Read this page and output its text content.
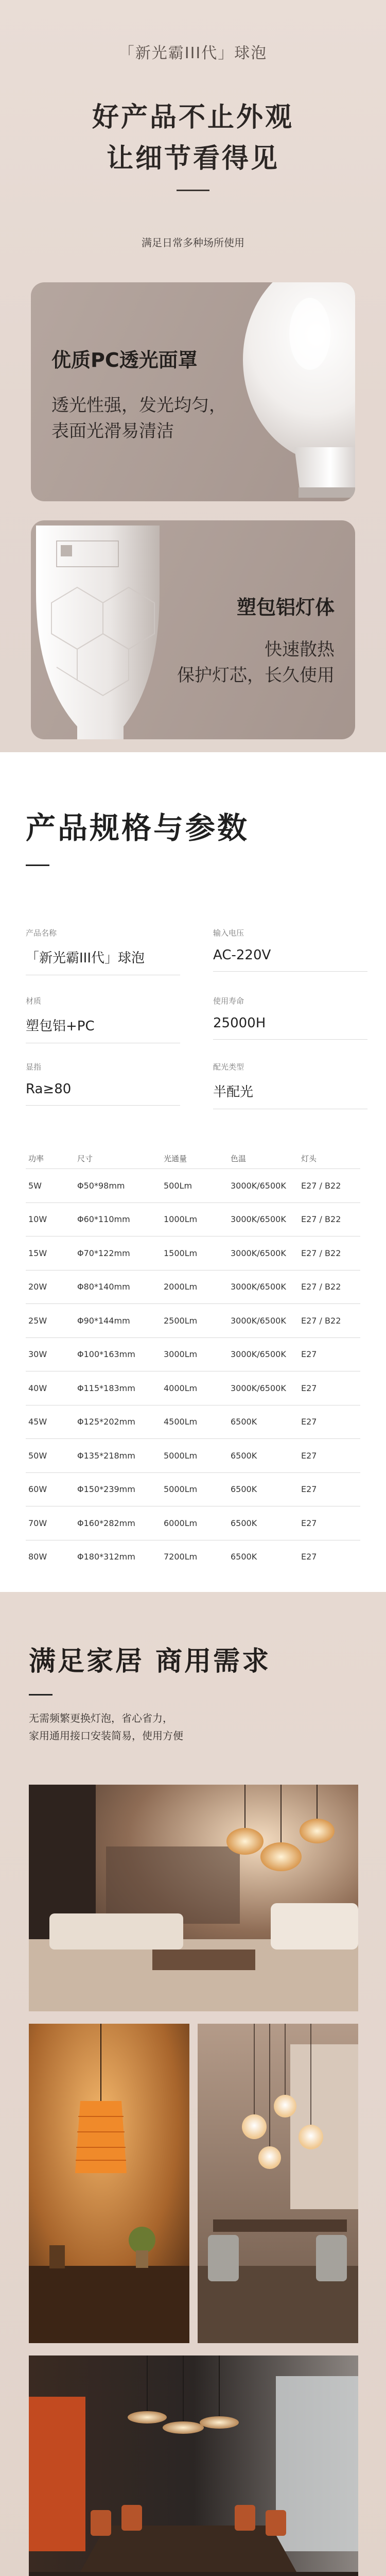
「新光霸III代」球泡
好产品不止外观
让细节看得见
满足日常多种场所使用
优质PC透光面罩
透光性强，发光均匀，
表面光滑易清洁
塑包铝灯体
快速散热
保护灯芯，长久使用
产品规格与参数
产品名称
「新光霸III代」球泡
输入电压
AC-220V
材质
塑包铝+PC
使用寿命
25000H
显指
Ra≥80
配光类型
半配光
功率	尺寸	光通量	色温	灯头
5W	Φ50*98mm	500Lm	3000K/6500K	E27 / B22
10W	Φ60*110mm	1000Lm	3000K/6500K	E27 / B22
15W	Φ70*122mm	1500Lm	3000K/6500K	E27 / B22
20W	Φ80*140mm	2000Lm	3000K/6500K	E27 / B22
25W	Φ90*144mm	2500Lm	3000K/6500K	E27 / B22
30W	Φ100*163mm	3000Lm	3000K/6500K	E27
40W	Φ115*183mm	4000Lm	3000K/6500K	E27
45W	Φ125*202mm	4500Lm	6500K	E27
50W	Φ135*218mm	5000Lm	6500K	E27
60W	Φ150*239mm	5000Lm	6500K	E27
70W	Φ160*282mm	6000Lm	6500K	E27
80W	Φ180*312mm	7200Lm	6500K	E27
满足家居 商用需求
无需频繁更换灯泡，省心省力，
家用通用接口安装简易，使用方便
